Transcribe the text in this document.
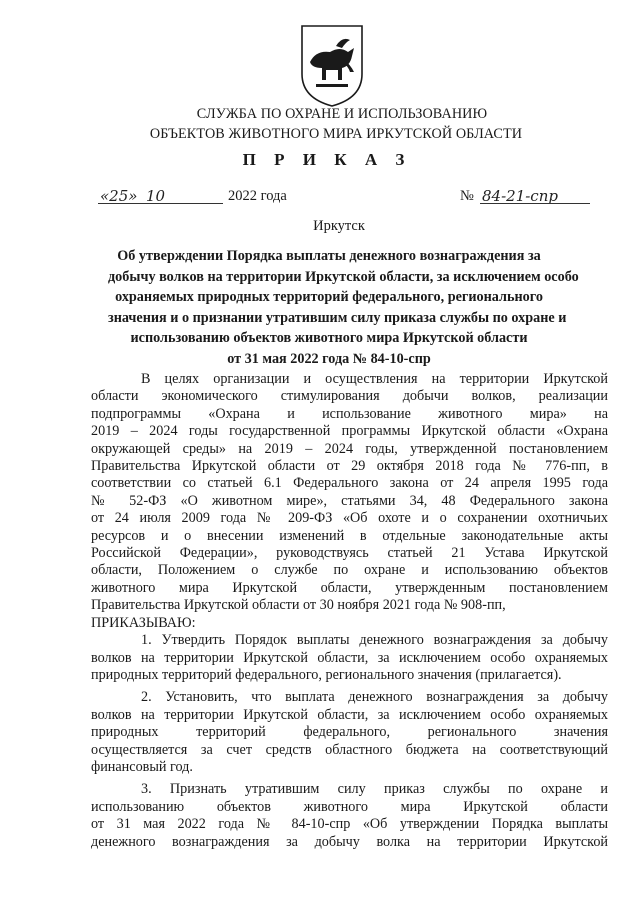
СЛУЖБА ПО ОХРАНЕ И ИСПОЛЬЗОВАНИЮ
ОБЪЕКТОВ ЖИВОТНОГО МИРА ИРКУТСКОЙ ОБЛАСТИ
П Р И К А З
«25» 10	2022 года	№ 84-21-спр
Иркутск
Об утверждении Порядка выплаты денежного вознаграждения за
добычу волков на территории Иркутской области, за исключением особо
охраняемых природных территорий федерального, регионального
значения и о признании утратившим силу приказа службы по охране и
использованию объектов животного мира Иркутской области
от 31 мая 2022 года № 84-10-спр
В целях организации и осуществления на территории Иркутской
области экономического стимулирования добычи волков, реализации
подпрограммы «Охрана и использование животного мира» на
2019 – 2024 годы государственной программы Иркутской области «Охрана
окружающей среды» на 2019 – 2024 годы, утвержденной постановлением
Правительства Иркутской области от 29 октября 2018 года № 776-пп, в
соответствии со статьей 6.1 Федерального закона от 24 апреля 1995 года
№ 52-ФЗ «О животном мире», статьями 34, 48 Федерального закона
от 24 июля 2009 года № 209-ФЗ «Об охоте и о сохранении охотничьих
ресурсов и о внесении изменений в отдельные законодательные акты
Российской Федерации», руководствуясь статьей 21 Устава Иркутской
области, Положением о службе по охране и использованию объектов
животного мира Иркутской области, утвержденным постановлением
Правительства Иркутской области от 30 ноября 2021 года № 908-пп,
ПРИКАЗЫВАЮ:
1. Утвердить Порядок выплаты денежного вознаграждения за добычу
волков на территории Иркутской области, за исключением особо охраняемых
природных территорий федерального, регионального значения (прилагается).
2. Установить, что выплата денежного вознаграждения за добычу
волков на территории Иркутской области, за исключением особо охраняемых
природных территорий федерального, регионального значения
осуществляется за счет средств областного бюджета на соответствующий
финансовый год.
3. Признать утратившим силу приказ службы по охране и
использованию объектов животного мира Иркутской области
от 31 мая 2022 года № 84-10-спр «Об утверждении Порядка выплаты
денежного вознаграждения за добычу волка на территории Иркутской
